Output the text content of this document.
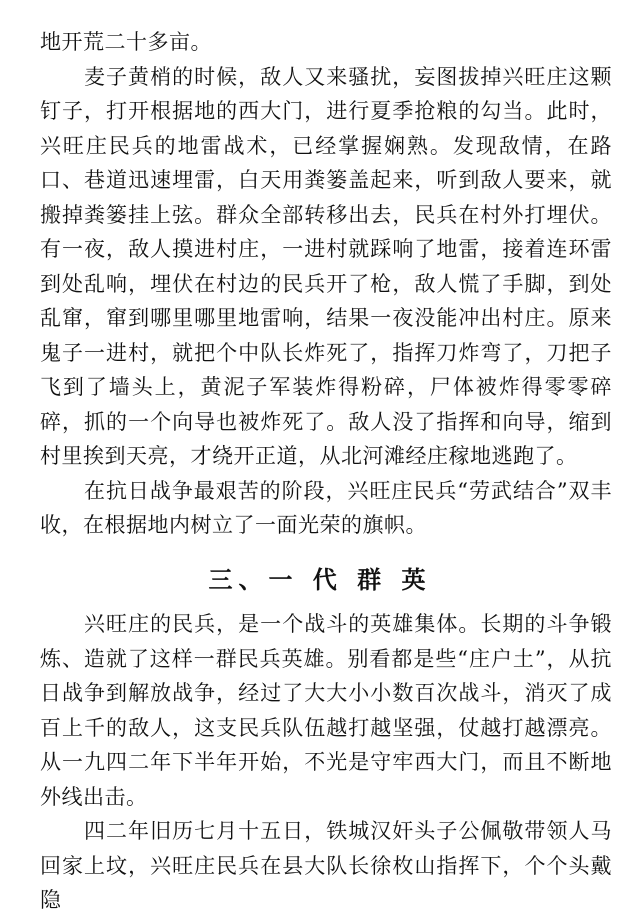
地开荒二十多亩。

麦子黄梢的时候，敌人又来骚扰，妄图拔掉兴旺庄这颗钉子，打开根据地的西大门，进行夏季抢粮的勾当。此时，兴旺庄民兵的地雷战术，已经掌握娴熟。发现敌情，在路口、巷道迅速埋雷，白天用粪篓盖起来，听到敌人要来，就搬掉粪篓挂上弦。群众全部转移出去，民兵在村外打埋伏。有一夜，敌人摸进村庄，一进村就踩响了地雷，接着连环雷到处乱响，埋伏在村边的民兵开了枪，敌人慌了手脚，到处乱窜，窜到哪里哪里地雷响，结果一夜没能冲出村庄。原来鬼子一进村，就把个中队长炸死了，指挥刀炸弯了，刀把子飞到了墙头上，黄泥子军装炸得粉碎，尸体被炸得零零碎碎，抓的一个向导也被炸死了。敌人没了指挥和向导，缩到村里挨到天亮，才绕开正道，从北河滩经庄稼地逃跑了。

在抗日战争最艰苦的阶段，兴旺庄民兵“劳武结合”双丰收，在根据地内树立了一面光荣的旗帜。

三、一 代 群 英

兴旺庄的民兵，是一个战斗的英雄集体。长期的斗争锻炼、造就了这样一群民兵英雄。别看都是些“庄户土”，从抗日战争到解放战争，经过了大大小小数百次战斗，消灭了成百上千的敌人，这支民兵队伍越打越坚强，仗越打越漂亮。从一九四二年下半年开始，不光是守牢西大门，而且不断地外线出击。

四二年旧历七月十五日，铁城汉奸头子公佩敬带领人马回家上坟，兴旺庄民兵在县大队长徐枚山指挥下，个个头戴隐
